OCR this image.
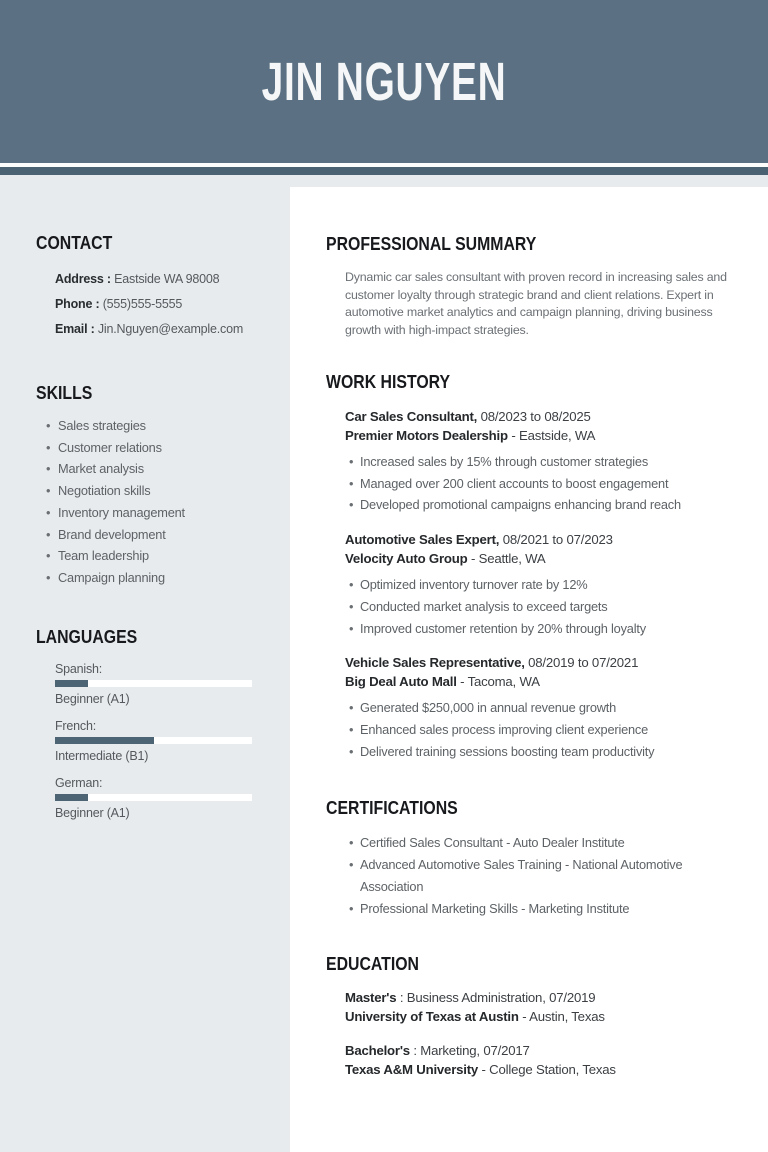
JIN NGUYEN
CONTACT
Address : Eastside WA 98008
Phone : (555)555-5555
Email : Jin.Nguyen@example.com
SKILLS
• Sales strategies
• Customer relations
• Market analysis
• Negotiation skills
• Inventory management
• Brand development
• Team leadership
• Campaign planning
LANGUAGES
Spanish:
Beginner (A1)
French:
Intermediate (B1)
German:
Beginner (A1)
PROFESSIONAL SUMMARY
Dynamic car sales consultant with proven record in increasing sales and customer loyalty through strategic brand and client relations. Expert in automotive market analytics and campaign planning, driving business growth with high-impact strategies.
WORK HISTORY
Car Sales Consultant, 08/2023 to 08/2025
Premier Motors Dealership - Eastside, WA
• Increased sales by 15% through customer strategies
• Managed over 200 client accounts to boost engagement
• Developed promotional campaigns enhancing brand reach
Automotive Sales Expert, 08/2021 to 07/2023
Velocity Auto Group - Seattle, WA
• Optimized inventory turnover rate by 12%
• Conducted market analysis to exceed targets
• Improved customer retention by 20% through loyalty
Vehicle Sales Representative, 08/2019 to 07/2021
Big Deal Auto Mall - Tacoma, WA
• Generated $250,000 in annual revenue growth
• Enhanced sales process improving client experience
• Delivered training sessions boosting team productivity
CERTIFICATIONS
• Certified Sales Consultant - Auto Dealer Institute
• Advanced Automotive Sales Training - National Automotive Association
• Professional Marketing Skills - Marketing Institute
EDUCATION
Master's : Business Administration, 07/2019
University of Texas at Austin - Austin, Texas
Bachelor's : Marketing, 07/2017
Texas A&M University - College Station, Texas
